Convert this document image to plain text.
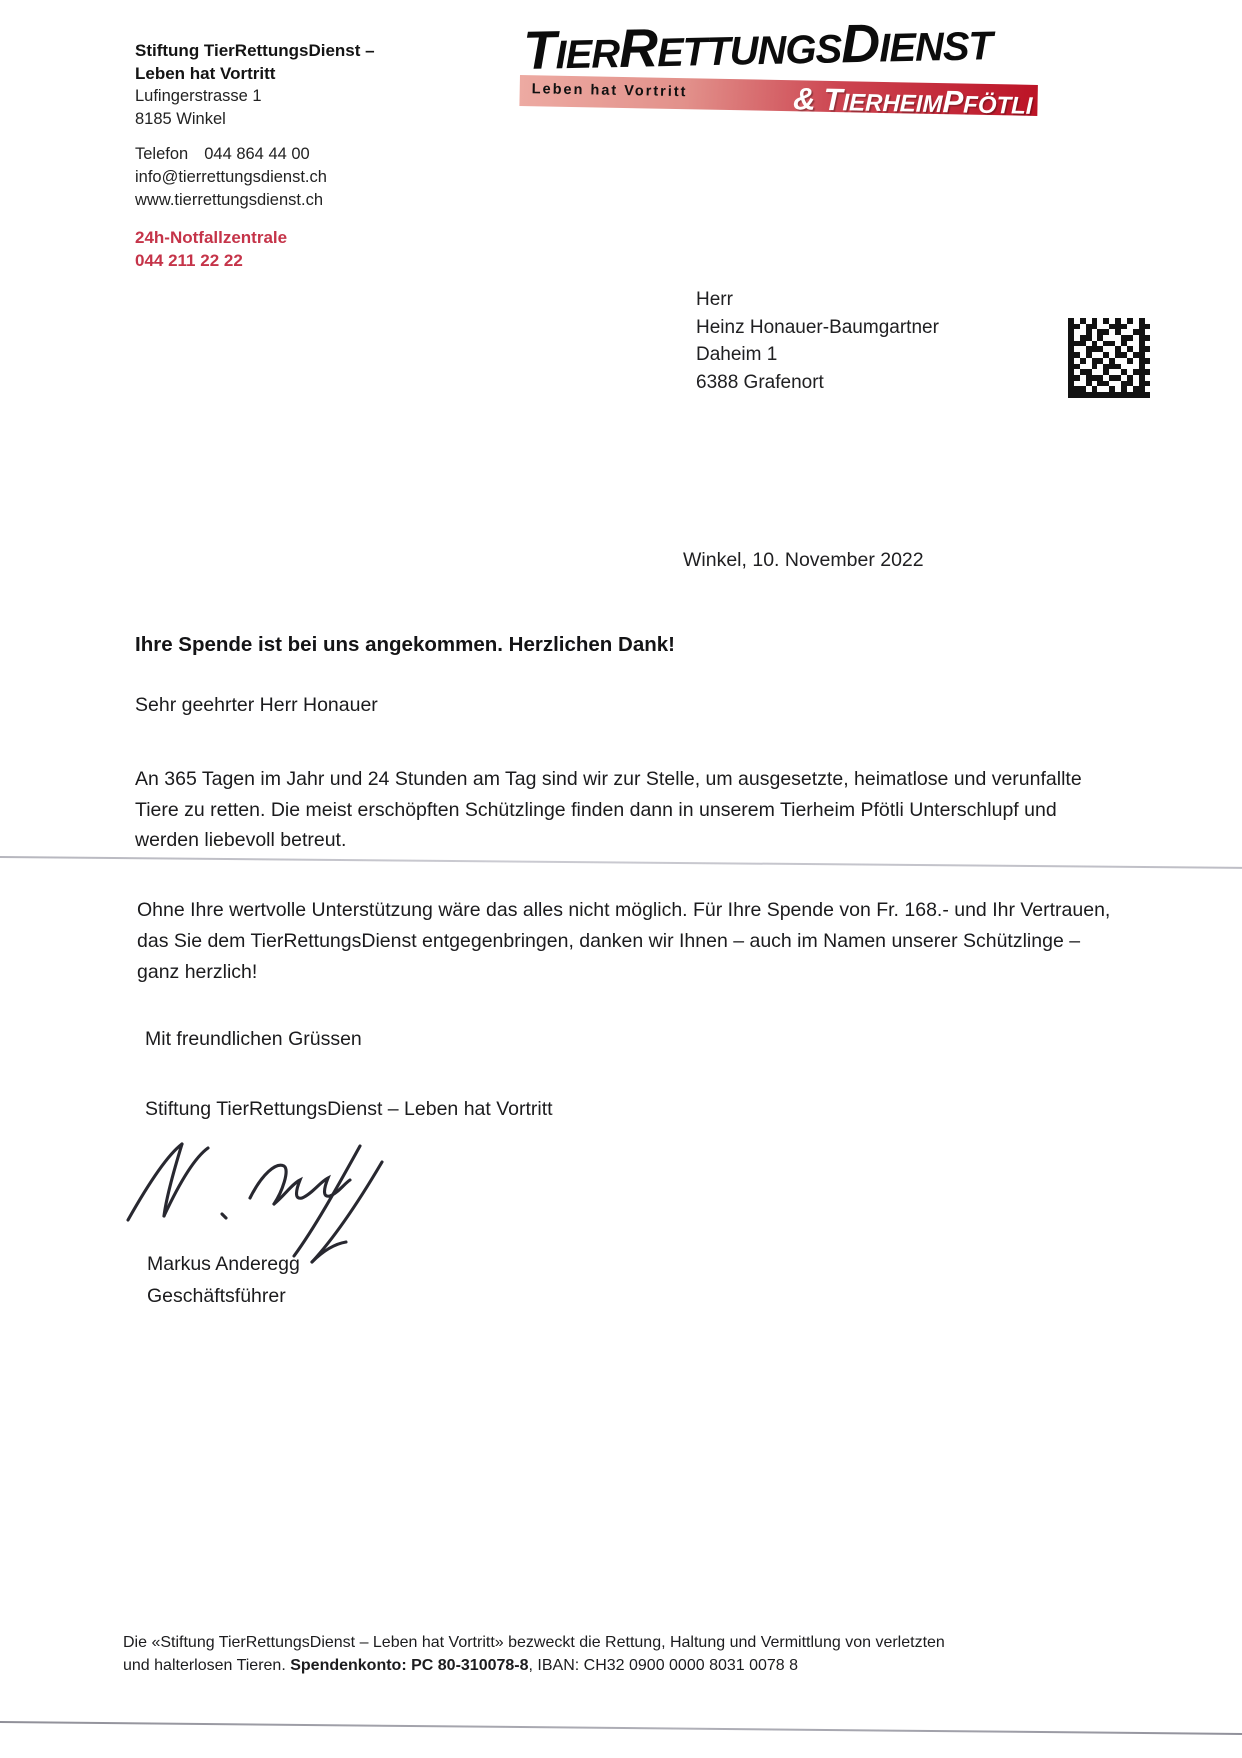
Stiftung TierRettungsDienst –
Leben hat Vortritt
Lufingerstrasse 1
8185 Winkel
Telefon 044 864 44 00
info@tierrettungsdienst.ch
www.tierrettungsdienst.ch
24h-Notfallzentrale
044 211 22 22
Leben hat Vortritt	& TIERHEIMPFÖTLI
TIERRETTUNGSDIENST
Herr
Heinz Honauer-Baumgartner
Daheim 1
6388 Grafenort
Winkel, 10. November 2022
Ihre Spende ist bei uns angekommen. Herzlichen Dank!
Sehr geehrter Herr Honauer
An 365 Tagen im Jahr und 24 Stunden am Tag sind wir zur Stelle, um ausgesetzte, heimatlose und verunfallte Tiere zu retten. Die meist erschöpften Schützlinge finden dann in unserem Tierheim Pfötli Unterschlupf und werden liebevoll betreut.
Ohne Ihre wertvolle Unterstützung wäre das alles nicht möglich. Für Ihre Spende von Fr. 168.- und Ihr Vertrauen, das Sie dem TierRettungsDienst entgegenbringen, danken wir Ihnen – auch im Namen unserer Schützlinge – ganz herzlich!
Mit freundlichen Grüssen
Stiftung TierRettungsDienst – Leben hat Vortritt
Markus Anderegg
Geschäftsführer
Die «Stiftung TierRettungsDienst – Leben hat Vortritt» bezweckt die Rettung, Haltung und Vermittlung von verletzten
und halterlosen Tieren. Spendenkonto: PC 80-310078-8, IBAN: CH32 0900 0000 8031 0078 8
